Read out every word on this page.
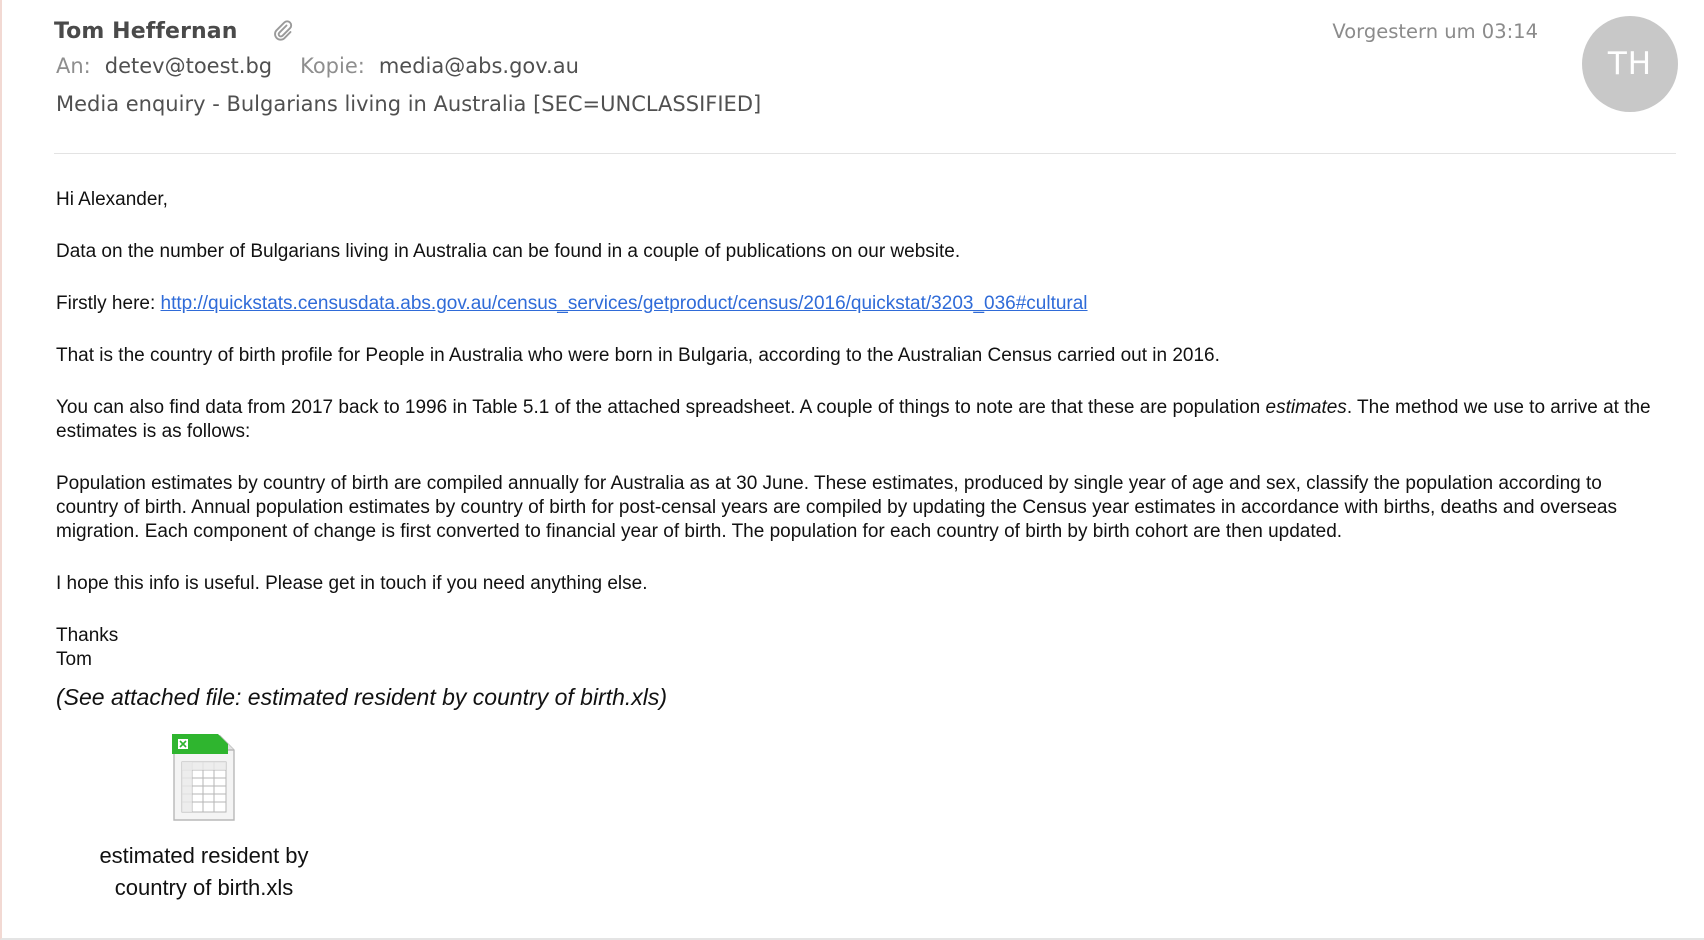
Tom Heffernan	Vorgestern um 03:14
TH
An: detev@toest.bg Kopie: media@abs.gov.au
Media enquiry - Bulgarians living in Australia [SEC=UNCLASSIFIED]

Hi Alexander,

Data on the number of Bulgarians living in Australia can be found in a couple of publications on our website.

Firstly here: http://quickstats.censusdata.abs.gov.au/census_services/getproduct/census/2016/quickstat/3203_036#cultural

That is the country of birth profile for People in Australia who were born in Bulgaria, according to the Australian Census carried out in 2016.

You can also find data from 2017 back to 1996 in Table 5.1 of the attached spreadsheet. A couple of things to note are that these are population estimates. The method we use to arrive at the estimates is as follows:

Population estimates by country of birth are compiled annually for Australia as at 30 June. These estimates, produced by single year of age and sex, classify the population according to country of birth. Annual population estimates by country of birth for post-censal years are compiled by updating the Census year estimates in accordance with births, deaths and overseas migration. Each component of change is first converted to financial year of birth. The population for each country of birth by birth cohort are then updated.

I hope this info is useful. Please get in touch if you need anything else.

Thanks

Tom

(See attached file: estimated resident by country of birth.xls)
estimated resident by
country of birth.xls
